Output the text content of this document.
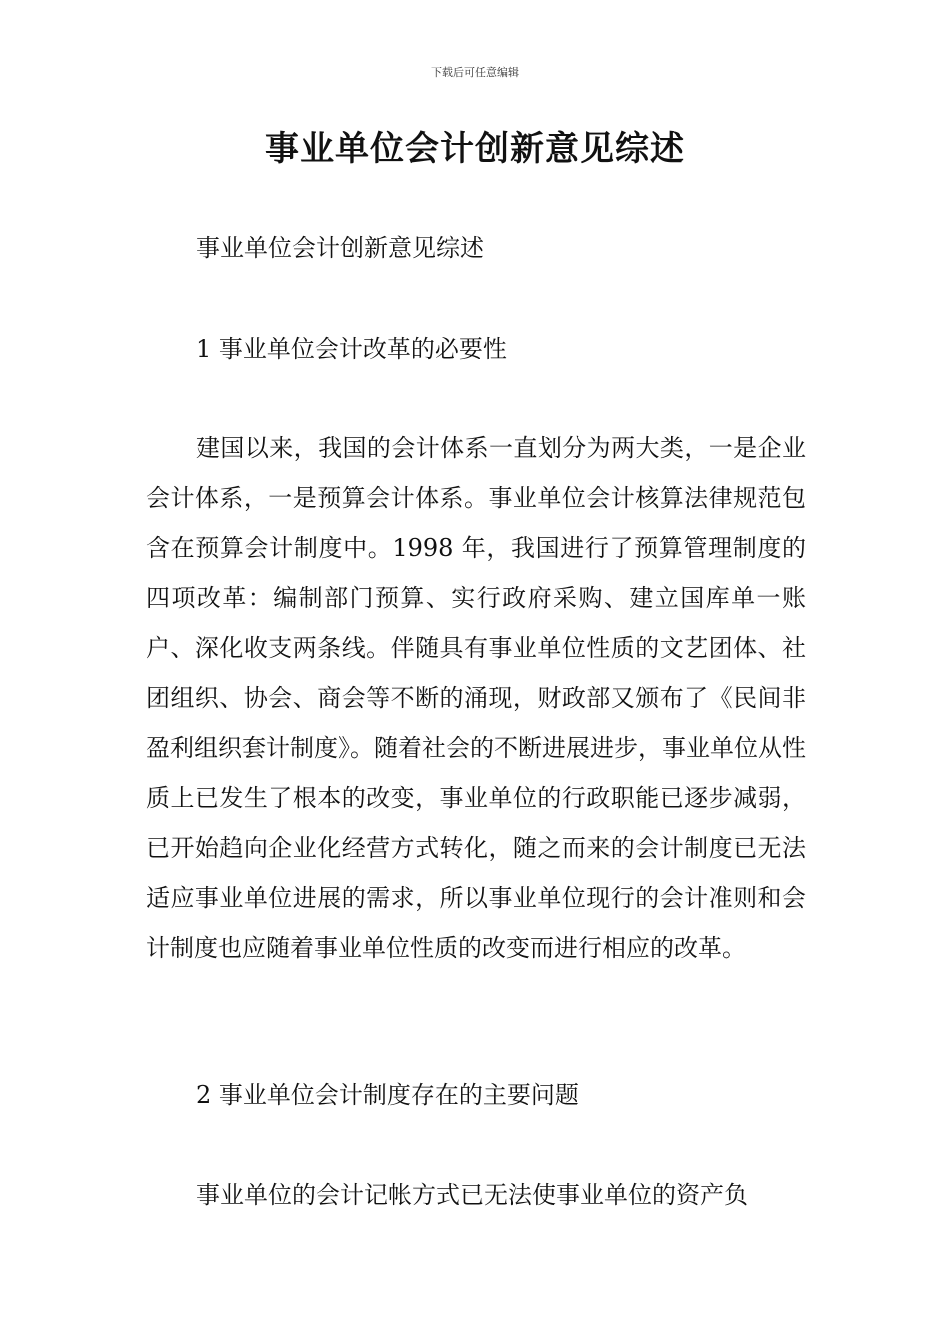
下载后可任意编辑
事业单位会计创新意见综述
事业单位会计创新意见综述
1 事业单位会计改革的必要性
建国以来，我国的会计体系一直划分为两大类，一是企业会计体系，一是预算会计体系。事业单位会计核算法律规范包含在预算会计制度中。1998 年，我国进行了预算管理制度的四项改革：编制部门预算、实行政府采购、建立国库单一账户、深化收支两条线。伴随具有事业单位性质的文艺团体、社团组织、协会、商会等不断的涌现，财政部又颁布了《民间非盈利组织套计制度》。随着社会的不断进展进步，事业单位从性质上已发生了根本的改变，事业单位的行政职能已逐步减弱，已开始趋向企业化经营方式转化，随之而来的会计制度已无法适应事业单位进展的需求，所以事业单位现行的会计准则和会计制度也应随着事业单位性质的改变而进行相应的改革。
2 事业单位会计制度存在的主要问题
事业单位的会计记帐方式已无法使事业单位的资产负
